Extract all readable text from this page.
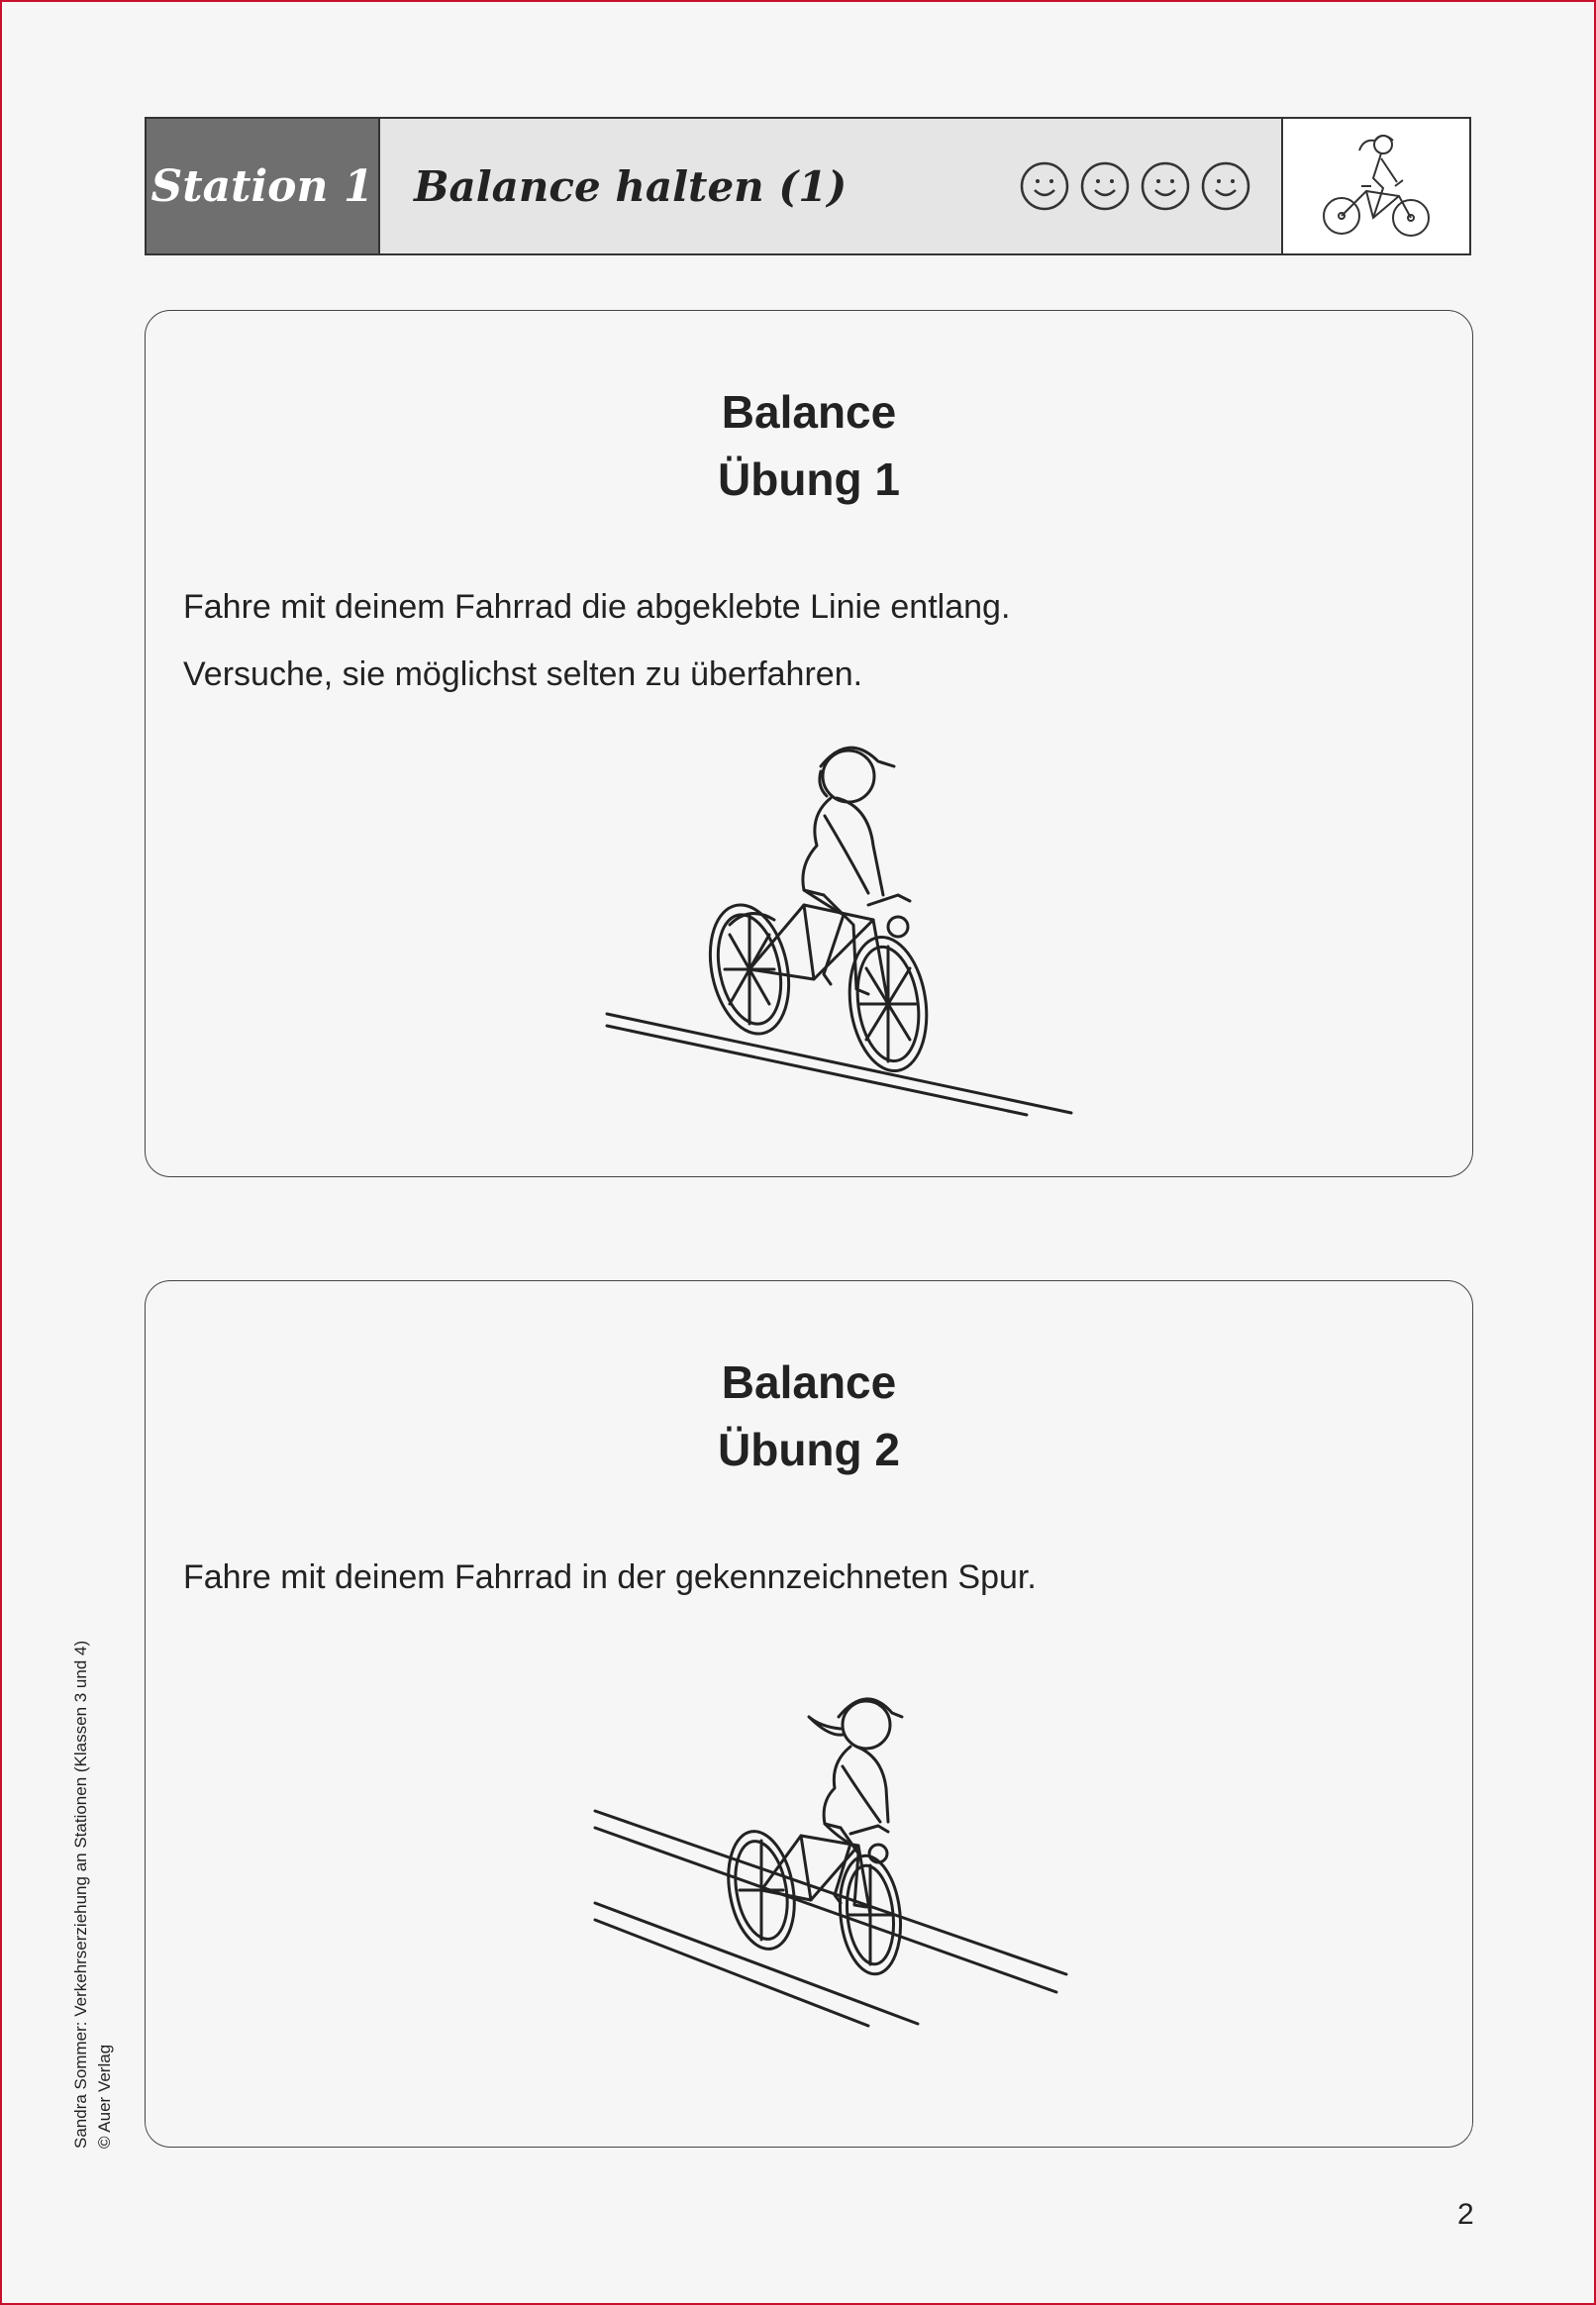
Station 1 Balance halten (1)
Balance
Übung 1
Fahre mit deinem Fahrrad die abgeklebte Linie entlang.
Versuche, sie möglichst selten zu überfahren.
Balance
Übung 2
Fahre mit deinem Fahrrad in der gekennzeichneten Spur.
Sandra Sommer: Verkehrserziehung an Stationen (Klassen 3 und 4) © Auer Verlag
2
